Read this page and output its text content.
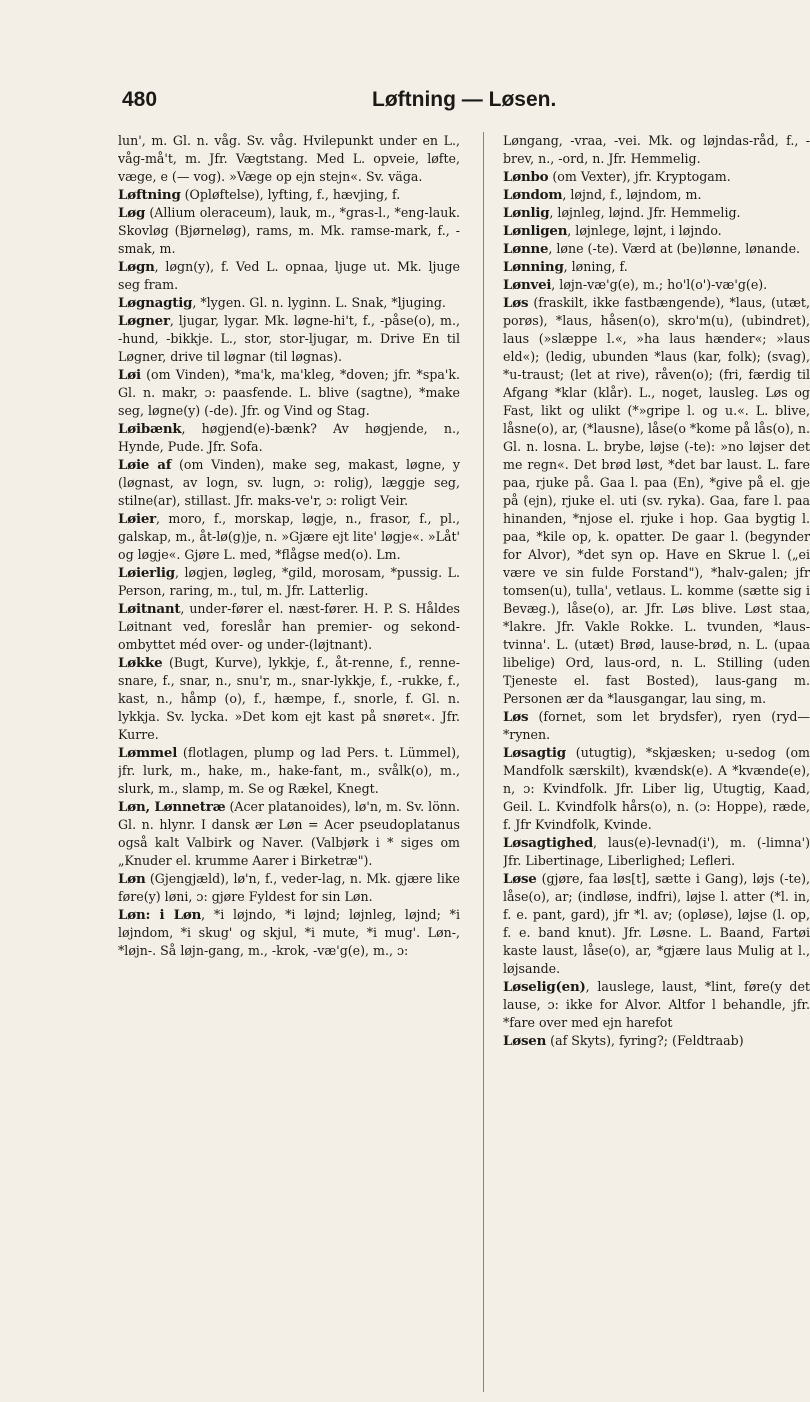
480	Løftning — Løsen.
lun', m. Gl. n. våg. Sv. våg. Hvilepunkt under en L., våg-må't, m. Jfr. Vægtstang. Med L. opveie, løfte, væge, e (— vog). »Væge op ejn stejn«. Sv. väga.
Løftning (Opløftelse), lyfting, f., hævjing, f.
Løg (Allium oleraceum), lauk, m., *gras-l., *eng-lauk. Skovløg (Bjørneløg), rams, m. Mk. ramse-mark, f., -smak, m.
Løgn, løgn(y), f. Ved L. opnaa, ljuge ut. Mk. ljuge seg fram.
Løgnagtig, *lygen. Gl. n. lyginn. L. Snak, *ljuging.
Løgner, ljugar, lygar. Mk. løgne-hi't, f., -påse(o), m., -hund, -bikkje. L., stor, stor-ljugar, m. Drive En til Løgner, drive til løgnar (til løgnas).
Løi (om Vinden), *ma'k, ma'kleg, *doven; jfr. *spa'k. Gl. n. makr, ɔ: paasfende. L. blive (sagtne), *make seg, løgne(y) (-de). Jfr. og Vind og Stag.
Løibænk, høgjend(e)-bænk? Av høgjende, n., Hynde, Pude. Jfr. Sofa.
Løie af (om Vinden), make seg, makast, løgne, y (løgnast, av logn, sv. lugn, ɔ: rolig), læggje seg, stilne(ar), stillast. Jfr. maks-ve'r, ɔ: roligt Veir.
Løier, moro, f., morskap, løgje, n., frasor, f., pl., galskap, m., åt-lø(g)je, n. »Gjære ejt lite' løgje«. »Låt' og løgje«. Gjøre L. med, *flågse med(o). Lm.
Løierlig, løgjen, løgleg, *gild, morosam, *pussig. L. Person, raring, m., tul, m. Jfr. Latterlig.
Løitnant, under-fører el. næst-fører. H. P. S. Håldes Løitnant ved, foreslår han premier- og sekond-ombyttet méd over- og under-(løjtnant).
Løkke (Bugt, Kurve), lykkje, f., åt-renne, f., renne-snare, f., snar, n., snu'r, m., snar-lykkje, f., -rukke, f., kast, n., håmp (o), f., hæmpe, f., snorle, f. Gl. n. lykkja. Sv. lycka. »Det kom ejt kast på snøret«. Jfr. Kurre.
Lømmel (flotlagen, plump og lad Pers. t. Lümmel), jfr. lurk, m., hake, m., hake-fant, m., svålk(o), m., slurk, m., slamp, m. Se og Rækel, Knegt.
Løn, Lønnetræ (Acer platanoides), lø'n, m. Sv. lönn. Gl. n. hlynr. I dansk ær Løn = Acer pseudoplatanus også kalt Valbirk og Naver. (Valbjørk i * siges om „Knuder el. krumme Aarer i Birketræ").
Løn (Gjengjæld), lø'n, f., veder-lag, n. Mk. gjære like føre(y) løni, ɔ: gjøre Fyldest for sin Løn.
Løn: i Løn, *i løjndo, *i løjnd; løjnleg, løjnd; *i løjndom, *i skug' og skjul, *i mute, *i mug'. Løn-, *løjn-. Så løjn-gang, m., -krok, -væ'g(e), m., ɔ:
Løngang, -vraa, -vei. Mk. og løjndas-råd, f., -brev, n., -ord, n. Jfr. Hemmelig.
Lønbo (om Vexter), jfr. Kryptogam.
Løndom, løjnd, f., løjndom, m.
Lønlig, løjnleg, løjnd. Jfr. Hemmelig.
Lønligen, løjnlege, løjnt, i løjndo.
Lønne, løne (-te). Værd at (be)lønne, lønande.
Lønning, løning, f.
Lønvei, løjn-væ'g(e), m.; ho'l(o')-væ'g(e).
Løs (fraskilt, ikke fastbængende), *laus, (utæt, porøs), *laus, håsen(o), skro'm(u), (ubindret), laus (»slæppe l.«, »ha laus hænder«; »laus eld«); (ledig, ubunden *laus (kar, folk); (svag), *u-traust; (let at rive), råven(o); (fri, færdig til Afgang *klar (klår). L., noget, lausleg. Løs og Fast, likt og ulikt (*»gripe l. og u.«. L. blive, låsne(o), ar, (*lausne), låse(o *kome på lås(o), n. Gl. n. losna. L. brybe, løjse (-te): »no løjser det me regn«. Det brød løst, *det bar laust. L. fare paa, rjuke på. Gaa l. paa (En), *give på el. gje på (ejn), rjuke el. uti (sv. ryka). Gaa, fare l. paa hinanden, *njose el. rjuke i hop. Gaa bygtig l. paa, *kile op, k. opatter. De gaar l. (begynder for Alvor), *det syn op. Have en Skrue l. („ei være ve sin fulde Forstand"), *halv-galen; jfr tomsen(u), tulla', vetlaus. L. komme (sætte sig i Bevæg.), låse(o), ar. Jfr. Løs blive. Løst staa, *lakre. Jfr. Vakle Rokke. L. tvunden, *laus-tvinna'. L. (utæt) Brød, lause-brød, n. L. (upaa libelige) Ord, laus-ord, n. L. Stilling (uden Tjeneste el. fast Bosted), laus-gang m. Personen ær da *lausgangar, lau sing, m.
Løs (fornet, som let brydsfer), ryen (ryd— *rynen.
Løsagtig (utugtig), *skjæsken; u-sedog (om Mandfolk særskilt), kvændsk(e). A *kvænde(e), n, ɔ: Kvindfolk. Jfr. Liber lig, Utugtig, Kaad, Geil. L. Kvindfolk hårs(o), n. (ɔ: Hoppe), ræde, f. Jfr Kvindfolk, Kvinde.
Løsagtighed, laus(e)-levnad(i'), m. (-limna') Jfr. Libertinage, Liberlighed; Lefleri.
Løse (gjøre, faa løs[t], sætte i Gang), løjs (-te), låse(o), ar; (indløse, indfri), løjse l. atter (*l. in, f. e. pant, gard), jfr *l. av; (opløse), løjse (l. op, f. e. band knut). Jfr. Løsne. L. Baand, Fartøi kaste laust, låse(o), ar, *gjære laus Mulig at l., løjsande.
Løselig(en), lauslege, laust, *lint, føre(y det lause, ɔ: ikke for Alvor. Altfor l behandle, jfr. *fare over med ejn harefot
Løsen (af Skyts), fyring?; (Feldtraab)
